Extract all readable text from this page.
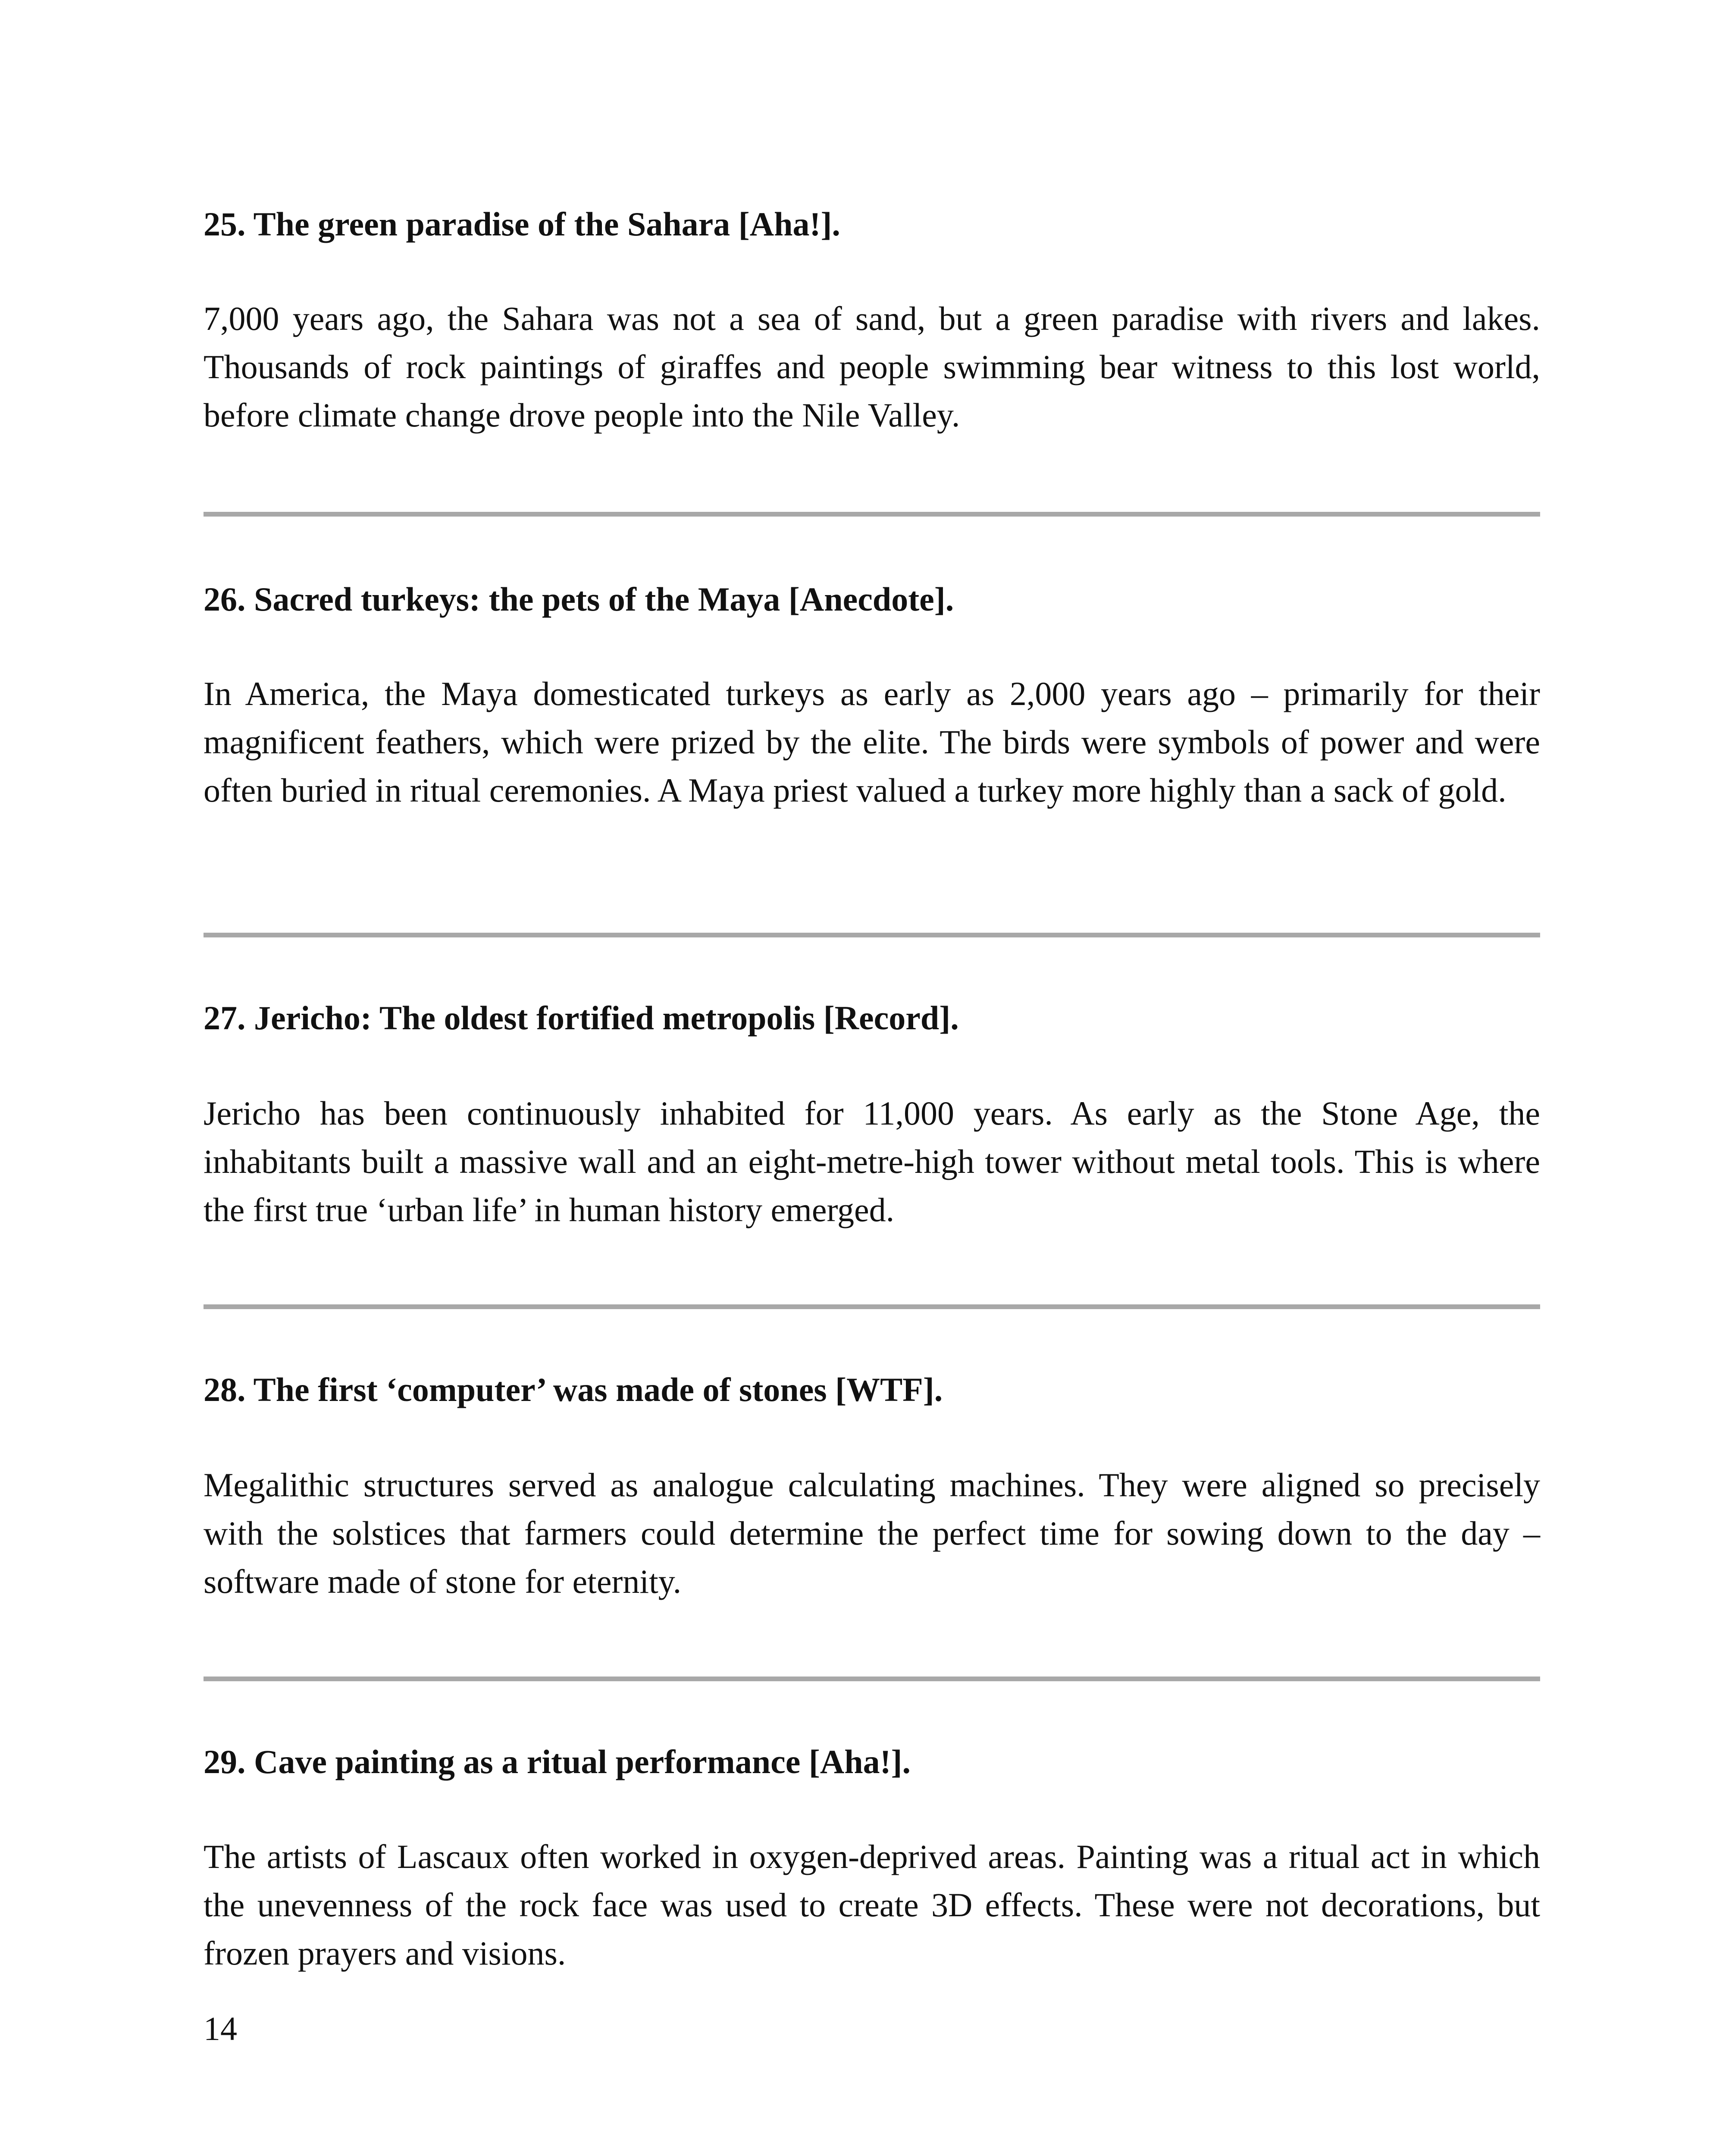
25. The green paradise of the Sahara [Aha!].

7,000 years ago, the Sahara was not a sea of sand, but a green paradise with rivers and lakes. Thousands of rock paintings of giraffes and people swimming bear witness to this lost world, before climate change drove people into the Nile Valley.

26. Sacred turkeys: the pets of the Maya [Anecdote].

In America, the Maya domesticated turkeys as early as 2,000 years ago – primarily for their magnificent feathers, which were prized by the elite. The birds were symbols of power and were often buried in ritual ceremonies. A Maya priest valued a turkey more highly than a sack of gold.

27. Jericho: The oldest fortified metropolis [Record].

Jericho has been continuously inhabited for 11,000 years. As early as the Stone Age, the inhabitants built a massive wall and an eight-metre-high tower without metal tools. This is where the first true ‘urban life’ in human history emerged.

28. The first ‘computer’ was made of stones [WTF].

Megalithic structures served as analogue calculating machines. They were aligned so precisely with the solstices that farmers could determine the perfect time for sowing down to the day – software made of stone for eternity.

29. Cave painting as a ritual performance [Aha!].

The artists of Lascaux often worked in oxygen-deprived areas. Painting was a ritual act in which the unevenness of the rock face was used to create 3D effects. These were not decorations, but frozen prayers and visions.

14
